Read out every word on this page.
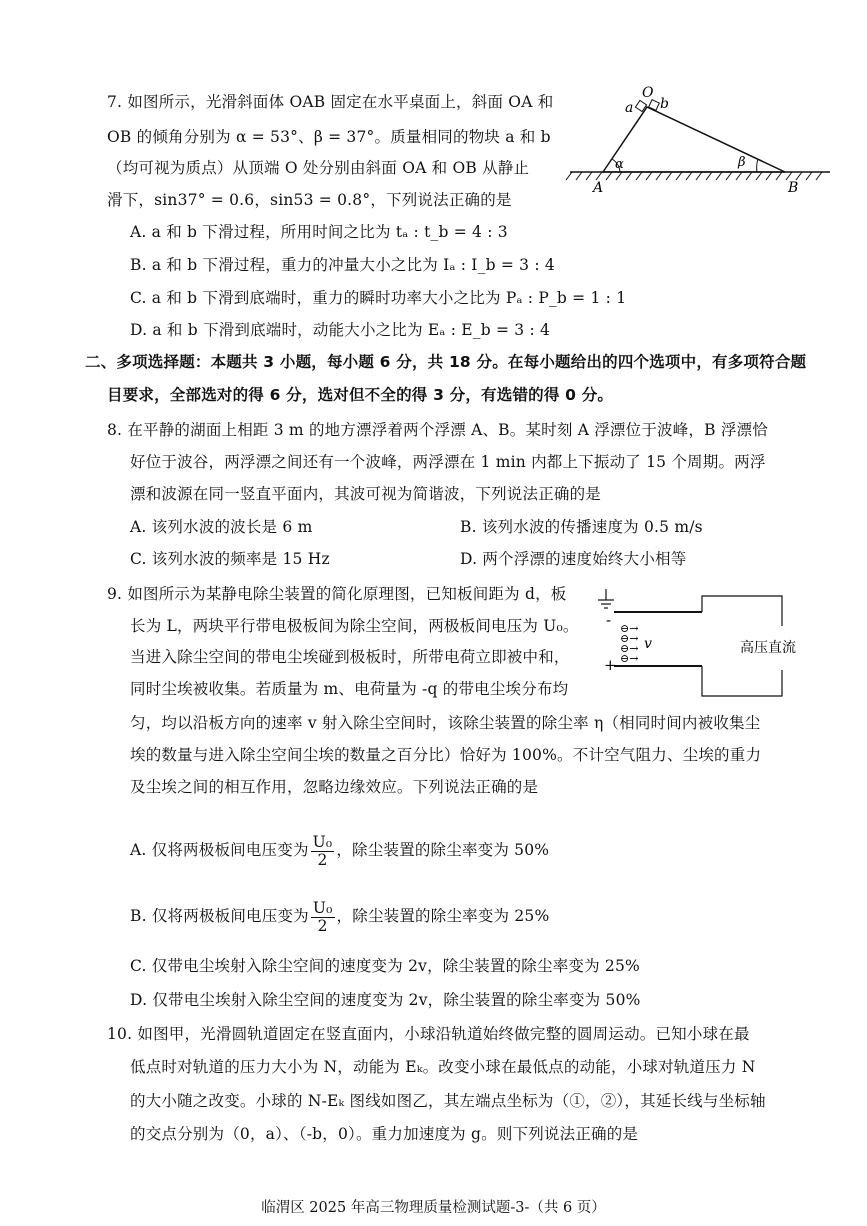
7. 如图所示，光滑斜面体 OAB 固定在水平桌面上，斜面 OA 和
OB 的倾角分别为 α = 53°、β = 37°。质量相同的物块 a 和 b
（均可视为质点）从顶端 O 处分别由斜面 OA 和 OB 从静止
滑下，sin37° = 0.6，sin53 = 0.8°，下列说法正确的是
A. a 和 b 下滑过程，所用时间之比为 tₐ : t_b = 4 : 3
B. a 和 b 下滑过程，重力的冲量大小之比为 Iₐ : I_b = 3 : 4
C. a 和 b 下滑到底端时，重力的瞬时功率大小之比为 Pₐ : P_b = 1 : 1
D. a 和 b 下滑到底端时，动能大小之比为 Eₐ : E_b = 3 : 4
O
a b
α	β
A	B
二、多项选择题：本题共 3 小题，每小题 6 分，共 18 分。在每小题给出的四个选项中，有多项符合题
目要求，全部选对的得 6 分，选对但不全的得 3 分，有选错的得 0 分。
8. 在平静的湖面上相距 3 m 的地方漂浮着两个浮漂 A、B。某时刻 A 浮漂位于波峰，B 浮漂恰
好位于波谷，两浮漂之间还有一个波峰，两浮漂在 1 min 内都上下振动了 15 个周期。两浮
漂和波源在同一竖直平面内，其波可视为简谐波，下列说法正确的是
A. 该列水波的波长是 6 m	B. 该列水波的传播速度为 0.5 m/s
C. 该列水波的频率是 15 Hz	D. 两个浮漂的速度始终大小相等
9. 如图所示为某静电除尘装置的简化原理图，已知板间距为 d，板
长为 L，两块平行带电极板间为除尘空间，两极板间电压为 U₀。
当进入除尘空间的带电尘埃碰到极板时，所带电荷立即被中和，
同时尘埃被收集。若质量为 m、电荷量为 -q 的带电尘埃分布均
匀，均以沿板方向的速率 v 射入除尘空间时，该除尘装置的除尘率 η（相同时间内被收集尘
埃的数量与进入除尘空间尘埃的数量之百分比）恰好为 100%。不计空气阻力、尘埃的重力
及尘埃之间的相互作用，忽略边缘效应。下列说法正确的是
-
+
⊖→
⊖→
⊖→
⊖→
v	高压直流
A. 仅将两极板间电压变为 $\frac{\text{U₀}}{2}$ ，除尘装置的除尘率变为 50%
B. 仅将两极板间电压变为 $\frac{\text{U₀}}{2}$ ，除尘装置的除尘率变为 25%
C. 仅带电尘埃射入除尘空间的速度变为 2v，除尘装置的除尘率变为 25%
D. 仅带电尘埃射入除尘空间的速度变为 2v，除尘装置的除尘率变为 50%
10. 如图甲，光滑圆轨道固定在竖直面内，小球沿轨道始终做完整的圆周运动。已知小球在最
低点时对轨道的压力大小为 N，动能为 Eₖ。改变小球在最低点的动能，小球对轨道压力 N
的大小随之改变。小球的 N-Eₖ 图线如图乙，其左端点坐标为（①，②），其延长线与坐标轴
的交点分别为（0，a）、（-b，0）。重力加速度为 g。则下列说法正确的是
临渭区 2025 年高三物理质量检测试题-3-（共 6 页）
